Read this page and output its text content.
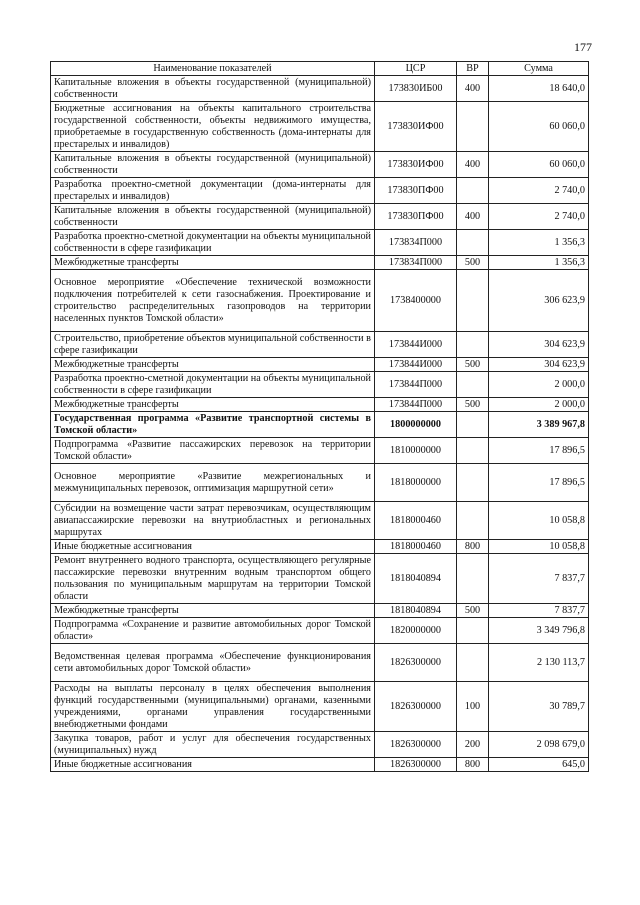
177
Наименование показателей	ЦСР	ВР	Сумма
Капитальные вложения в объекты государственной (муниципальной) собственности	173830ИБ00	400	18 640,0
Бюджетные ассигнования на объекты капитального строительства государственной собственности, объекты недвижимого имущества, приобретаемые в государственную собственность (дома-интернаты для престарелых и инвалидов)	173830ИФ00		60 060,0
Капитальные вложения в объекты государственной (муниципальной) собственности	173830ИФ00	400	60 060,0
Разработка проектно-сметной документации (дома-интернаты для престарелых и инвалидов)	173830ПФ00		2 740,0
Капитальные вложения в объекты государственной (муниципальной) собственности	173830ПФ00	400	2 740,0
Разработка проектно-сметной документации на объекты муниципальной собственности в сфере газификации	173834П000		1 356,3
Межбюджетные трансферты	173834П000	500	1 356,3
Основное мероприятие «Обеспечение технической возможности подключения потребителей к сети газоснабжения. Проектирование и строительство распределительных газопроводов на территории населенных пунктов Томской области»	1738400000		306 623,9
Строительство, приобретение объектов муниципальной собственности в сфере газификации	173844И000		304 623,9
Межбюджетные трансферты	173844И000	500	304 623,9
Разработка проектно-сметной документации на объекты муниципальной собственности в сфере газификации	173844П000		2 000,0
Межбюджетные трансферты	173844П000	500	2 000,0
Государственная программа «Развитие транспортной системы в Томской области»	1800000000		3 389 967,8
Подпрограмма «Развитие пассажирских перевозок на территории Томской области»	1810000000		17 896,5
Основное мероприятие «Развитие межрегиональных и межмуниципальных перевозок, оптимизация маршрутной сети»	1818000000		17 896,5
Субсидии на возмещение части затрат перевозчикам, осуществляющим авиапассажирские перевозки на внутриобластных и региональных маршрутах	1818000460		10 058,8
Иные бюджетные ассигнования	1818000460	800	10 058,8
Ремонт внутреннего водного транспорта, осуществляющего регулярные пассажирские перевозки внутренним водным транспортом общего пользования по муниципальным маршрутам на территории Томской области	1818040894		7 837,7
Межбюджетные трансферты	1818040894	500	7 837,7
Подпрограмма «Сохранение и развитие автомобильных дорог Томской области»	1820000000		3 349 796,8
Ведомственная целевая программа «Обеспечение функционирования сети автомобильных дорог Томской области»	1826300000		2 130 113,7
Расходы на выплаты персоналу в целях обеспечения выполнения функций государственными (муниципальными) органами, казенными учреждениями, органами управления государственными внебюджетными фондами	1826300000	100	30 789,7
Закупка товаров, работ и услуг для обеспечения государственных (муниципальных) нужд	1826300000	200	2 098 679,0
Иные бюджетные ассигнования	1826300000	800	645,0
